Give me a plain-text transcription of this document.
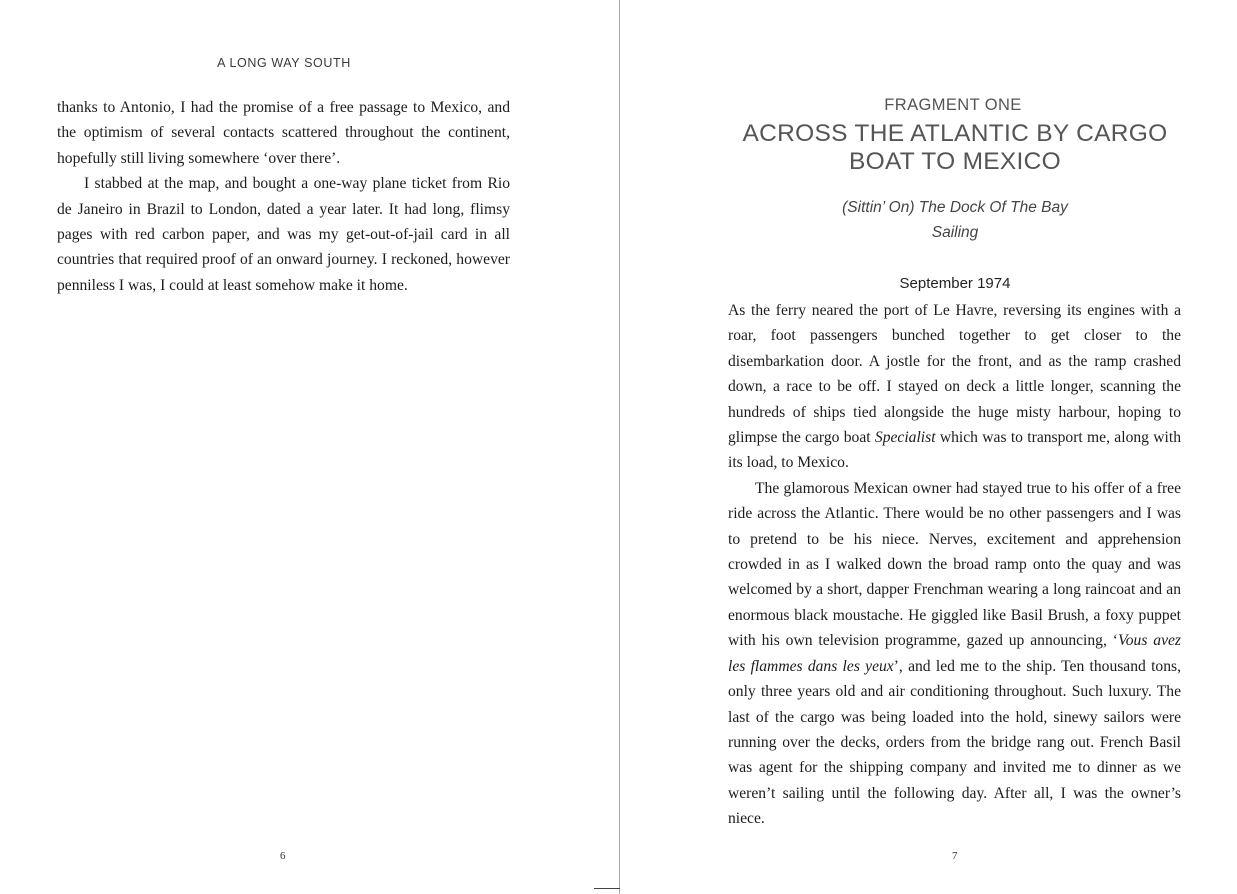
A LONG WAY SOUTH

thanks to Antonio, I had the promise of a free passage to Mexico, and the optimism of several contacts scattered throughout the continent, hopefully still living somewhere ‘over there’.

I stabbed at the map, and bought a one-way plane ticket from Rio de Janeiro in Brazil to London, dated a year later. It had long, flimsy pages with red carbon paper, and was my get-out-of-jail card in all countries that required proof of an onward journey. I reckoned, however penniless I was, I could at least somehow make it home.

6
FRAGMENT ONE
ACROSS THE ATLANTIC BY CARGO BOAT TO MEXICO
(Sittin’ On) The Dock Of The Bay
Sailing
September 1974

As the ferry neared the port of Le Havre, reversing its engines with a roar, foot passengers bunched together to get closer to the disembarkation door. A jostle for the front, and as the ramp crashed down, a race to be off. I stayed on deck a little longer, scanning the hundreds of ships tied alongside the huge misty harbour, hoping to glimpse the cargo boat Specialist which was to transport me, along with its load, to Mexico.

The glamorous Mexican owner had stayed true to his offer of a free ride across the Atlantic. There would be no other passengers and I was to pretend to be his niece. Nerves, excitement and apprehension crowded in as I walked down the broad ramp onto the quay and was welcomed by a short, dapper Frenchman wearing a long raincoat and an enormous black moustache. He giggled like Basil Brush, a foxy puppet with his own television programme, gazed up announcing, ‘Vous avez les flammes dans les yeux’, and led me to the ship. Ten thousand tons, only three years old and air conditioning throughout. Such luxury. The last of the cargo was being loaded into the hold, sinewy sailors were running over the decks, orders from the bridge rang out. French Basil was agent for the shipping company and invited me to dinner as we weren’t sailing until the following day. After all, I was the owner’s niece.

7
